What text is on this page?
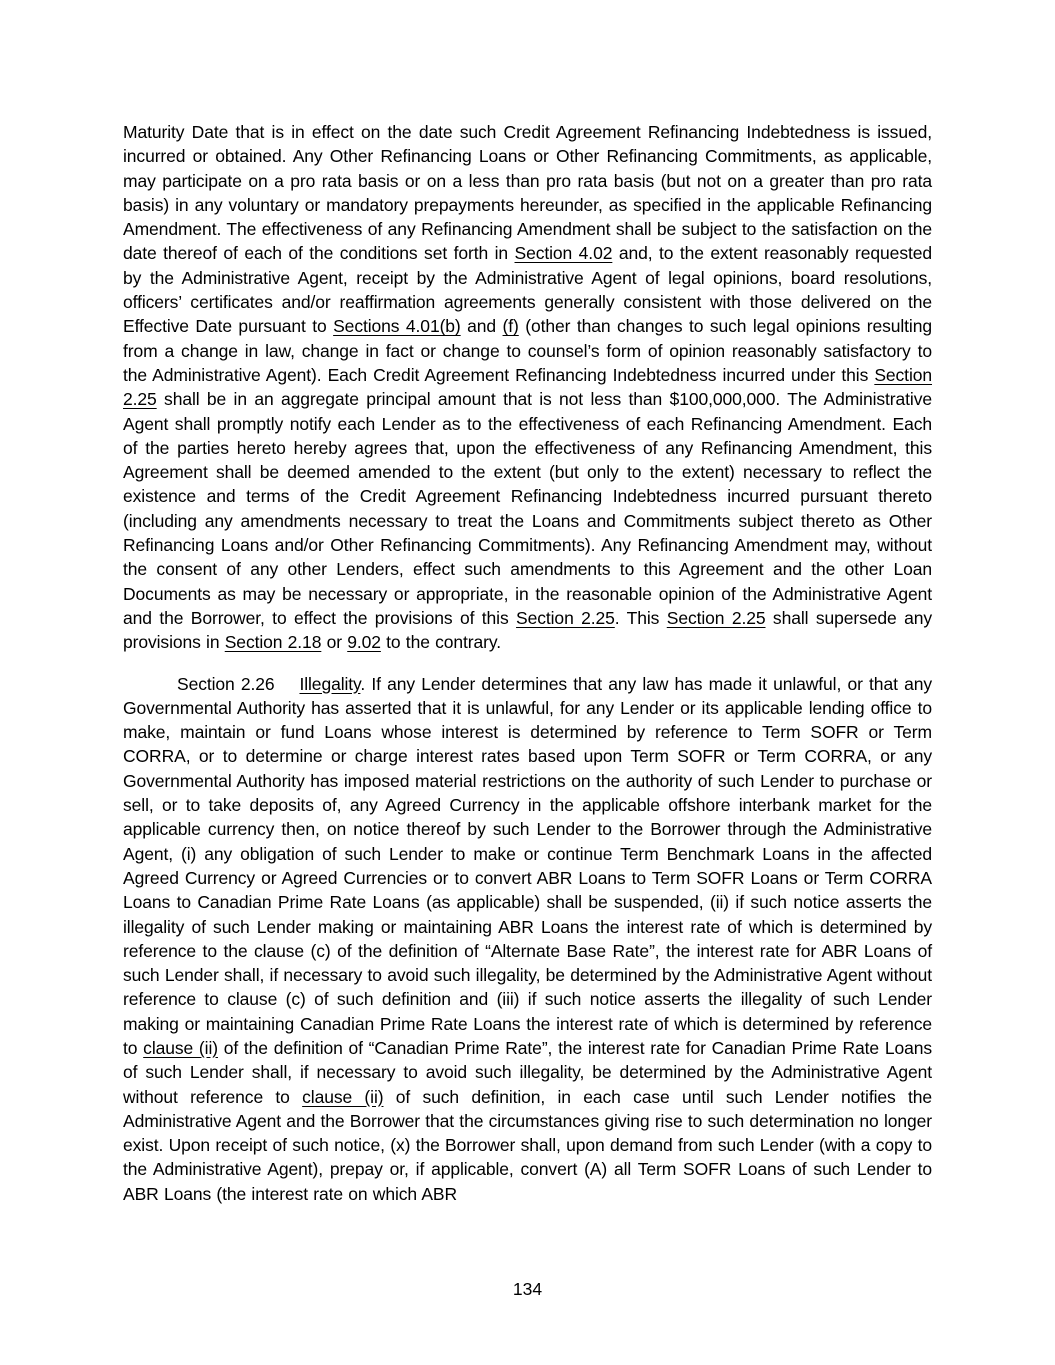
Maturity Date that is in effect on the date such Credit Agreement Refinancing Indebtedness is issued, incurred or obtained. Any Other Refinancing Loans or Other Refinancing Commitments, as applicable, may participate on a pro rata basis or on a less than pro rata basis (but not on a greater than pro rata basis) in any voluntary or mandatory prepayments hereunder, as specified in the applicable Refinancing Amendment. The effectiveness of any Refinancing Amendment shall be subject to the satisfaction on the date thereof of each of the conditions set forth in Section 4.02 and, to the extent reasonably requested by the Administrative Agent, receipt by the Administrative Agent of legal opinions, board resolutions, officers’ certificates and/or reaffirmation agreements generally consistent with those delivered on the Effective Date pursuant to Sections 4.01(b) and (f) (other than changes to such legal opinions resulting from a change in law, change in fact or change to counsel’s form of opinion reasonably satisfactory to the Administrative Agent). Each Credit Agreement Refinancing Indebtedness incurred under this Section 2.25 shall be in an aggregate principal amount that is not less than $100,000,000. The Administrative Agent shall promptly notify each Lender as to the effectiveness of each Refinancing Amendment. Each of the parties hereto hereby agrees that, upon the effectiveness of any Refinancing Amendment, this Agreement shall be deemed amended to the extent (but only to the extent) necessary to reflect the existence and terms of the Credit Agreement Refinancing Indebtedness incurred pursuant thereto (including any amendments necessary to treat the Loans and Commitments subject thereto as Other Refinancing Loans and/or Other Refinancing Commitments). Any Refinancing Amendment may, without the consent of any other Lenders, effect such amendments to this Agreement and the other Loan Documents as may be necessary or appropriate, in the reasonable opinion of the Administrative Agent and the Borrower, to effect the provisions of this Section 2.25. This Section 2.25 shall supersede any provisions in Section 2.18 or 9.02 to the contrary.

Section 2.26    Illegality. If any Lender determines that any law has made it unlawful, or that any Governmental Authority has asserted that it is unlawful, for any Lender or its applicable lending office to make, maintain or fund Loans whose interest is determined by reference to Term SOFR or Term CORRA, or to determine or charge interest rates based upon Term SOFR or Term CORRA, or any Governmental Authority has imposed material restrictions on the authority of such Lender to purchase or sell, or to take deposits of, any Agreed Currency in the applicable offshore interbank market for the applicable currency then, on notice thereof by such Lender to the Borrower through the Administrative Agent, (i) any obligation of such Lender to make or continue Term Benchmark Loans in the affected Agreed Currency or Agreed Currencies or to convert ABR Loans to Term SOFR Loans or Term CORRA Loans to Canadian Prime Rate Loans (as applicable) shall be suspended, (ii) if such notice asserts the illegality of such Lender making or maintaining ABR Loans the interest rate of which is determined by reference to the clause (c) of the definition of “Alternate Base Rate”, the interest rate for ABR Loans of such Lender shall, if necessary to avoid such illegality, be determined by the Administrative Agent without reference to clause (c) of such definition and (iii) if such notice asserts the illegality of such Lender making or maintaining Canadian Prime Rate Loans the interest rate of which is determined by reference to clause (ii) of the definition of “Canadian Prime Rate”, the interest rate for Canadian Prime Rate Loans of such Lender shall, if necessary to avoid such illegality, be determined by the Administrative Agent without reference to clause (ii) of such definition, in each case until such Lender notifies the Administrative Agent and the Borrower that the circumstances giving rise to such determination no longer exist. Upon receipt of such notice, (x) the Borrower shall, upon demand from such Lender (with a copy to the Administrative Agent), prepay or, if applicable, convert (A) all Term SOFR Loans of such Lender to ABR Loans (the interest rate on which ABR

134
